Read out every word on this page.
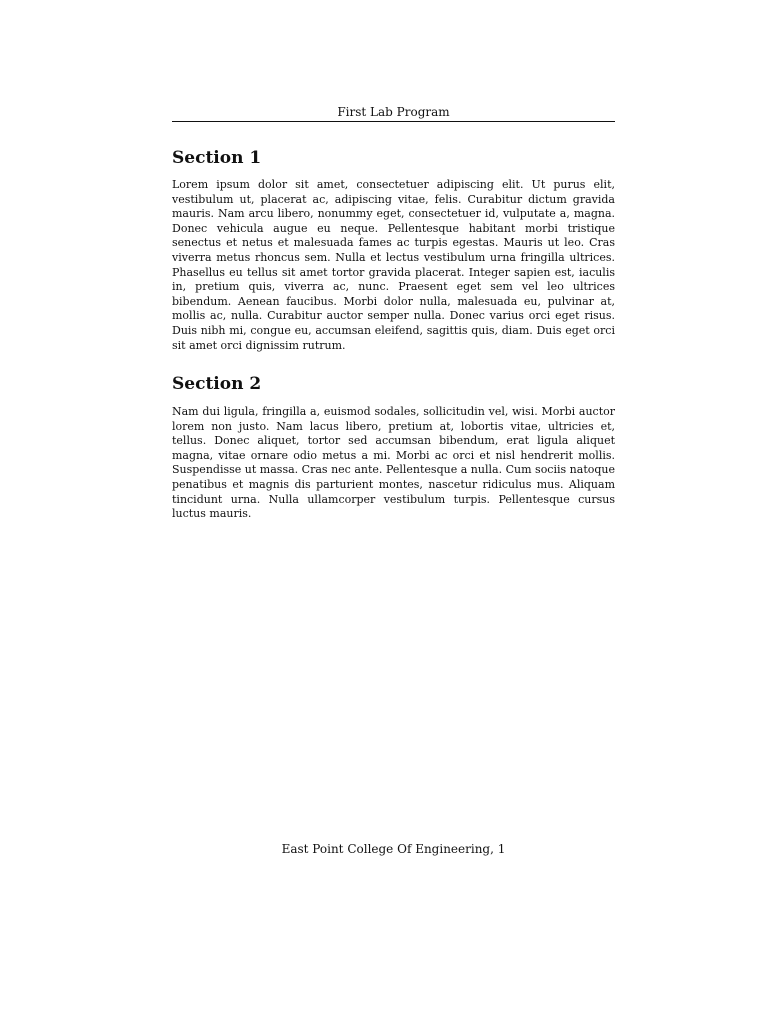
First Lab Program
Section 1

Lorem ipsum dolor sit amet, consectetuer adipiscing elit. Ut purus elit, vestibulum ut, placerat ac, adipiscing vitae, felis. Curabitur dictum gravida mauris. Nam arcu libero, nonummy eget, consectetuer id, vulputate a, magna. Donec vehicula augue eu neque. Pellentesque habitant morbi tristique senectus et netus et malesuada fames ac turpis egestas. Mauris ut leo. Cras viverra metus rhoncus sem. Nulla et lectus vestibulum urna fringilla ultrices. Phasellus eu tellus sit amet tortor gravida placerat. Integer sapien est, iaculis in, pretium quis, viverra ac, nunc. Praesent eget sem vel leo ultrices bibendum. Aenean faucibus. Morbi dolor nulla, malesuada eu, pulvinar at, mollis ac, nulla. Curabitur auctor semper nulla. Donec varius orci eget risus. Duis nibh mi, congue eu, accumsan eleifend, sagittis quis, diam. Duis eget orci sit amet orci dignissim rutrum.

Section 2

Nam dui ligula, fringilla a, euismod sodales, sollicitudin vel, wisi. Morbi auctor lorem non justo. Nam lacus libero, pretium at, lobortis vitae, ultricies et, tellus. Donec aliquet, tortor sed accumsan bibendum, erat ligula aliquet magna, vitae ornare odio metus a mi. Morbi ac orci et nisl hendrerit mollis. Suspendisse ut massa. Cras nec ante. Pellentesque a nulla. Cum sociis natoque penatibus et magnis dis parturient montes, nascetur ridiculus mus. Aliquam tincidunt urna. Nulla ullamcorper vestibulum turpis. Pellentesque cursus luctus mauris.

East Point College Of Engineering, 1
